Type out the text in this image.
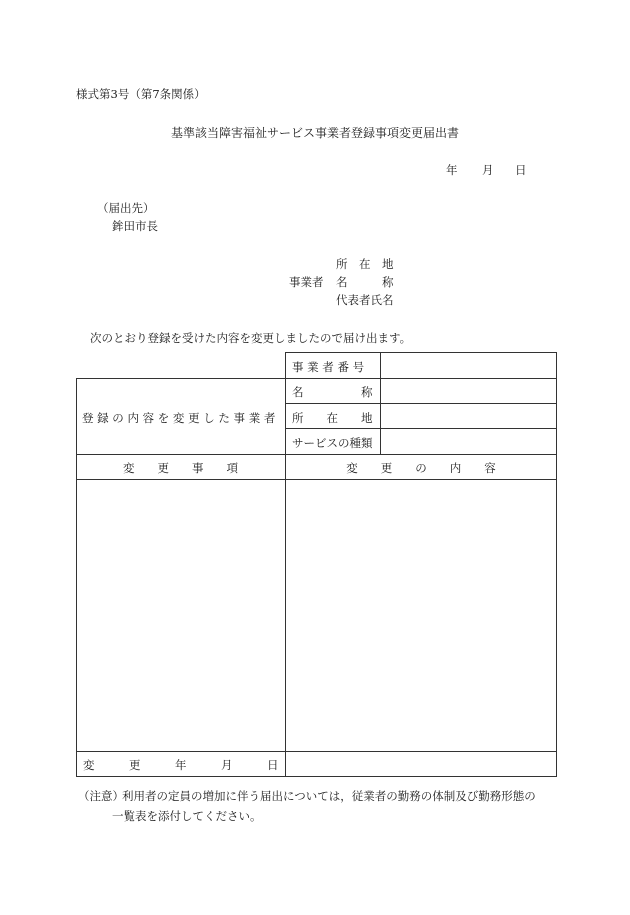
様式第3号（第7条関係）
基準該当障害福祉サービス事業者登録事項変更届出書
年 月 日
（届出先）
鉾田市長
事業者
所　在　地
名　　　称
代表者氏名
次のとおり登録を受けた内容を変更しましたので届け出ます。
事 業 者 番 号
登 録 の 内 容 を 変 更 し た 事 業 者
名　　　　　称
所　　在　　地
サービスの種類
変　　更　　事　　項	変　　更　　の　　内　　容
変　　　更　　　年　　　月　　　日
（注意）
利用者の定員の増加に伴う届出については，従業者の勤務の体制及び勤務形態の
一覧表を添付してください。
